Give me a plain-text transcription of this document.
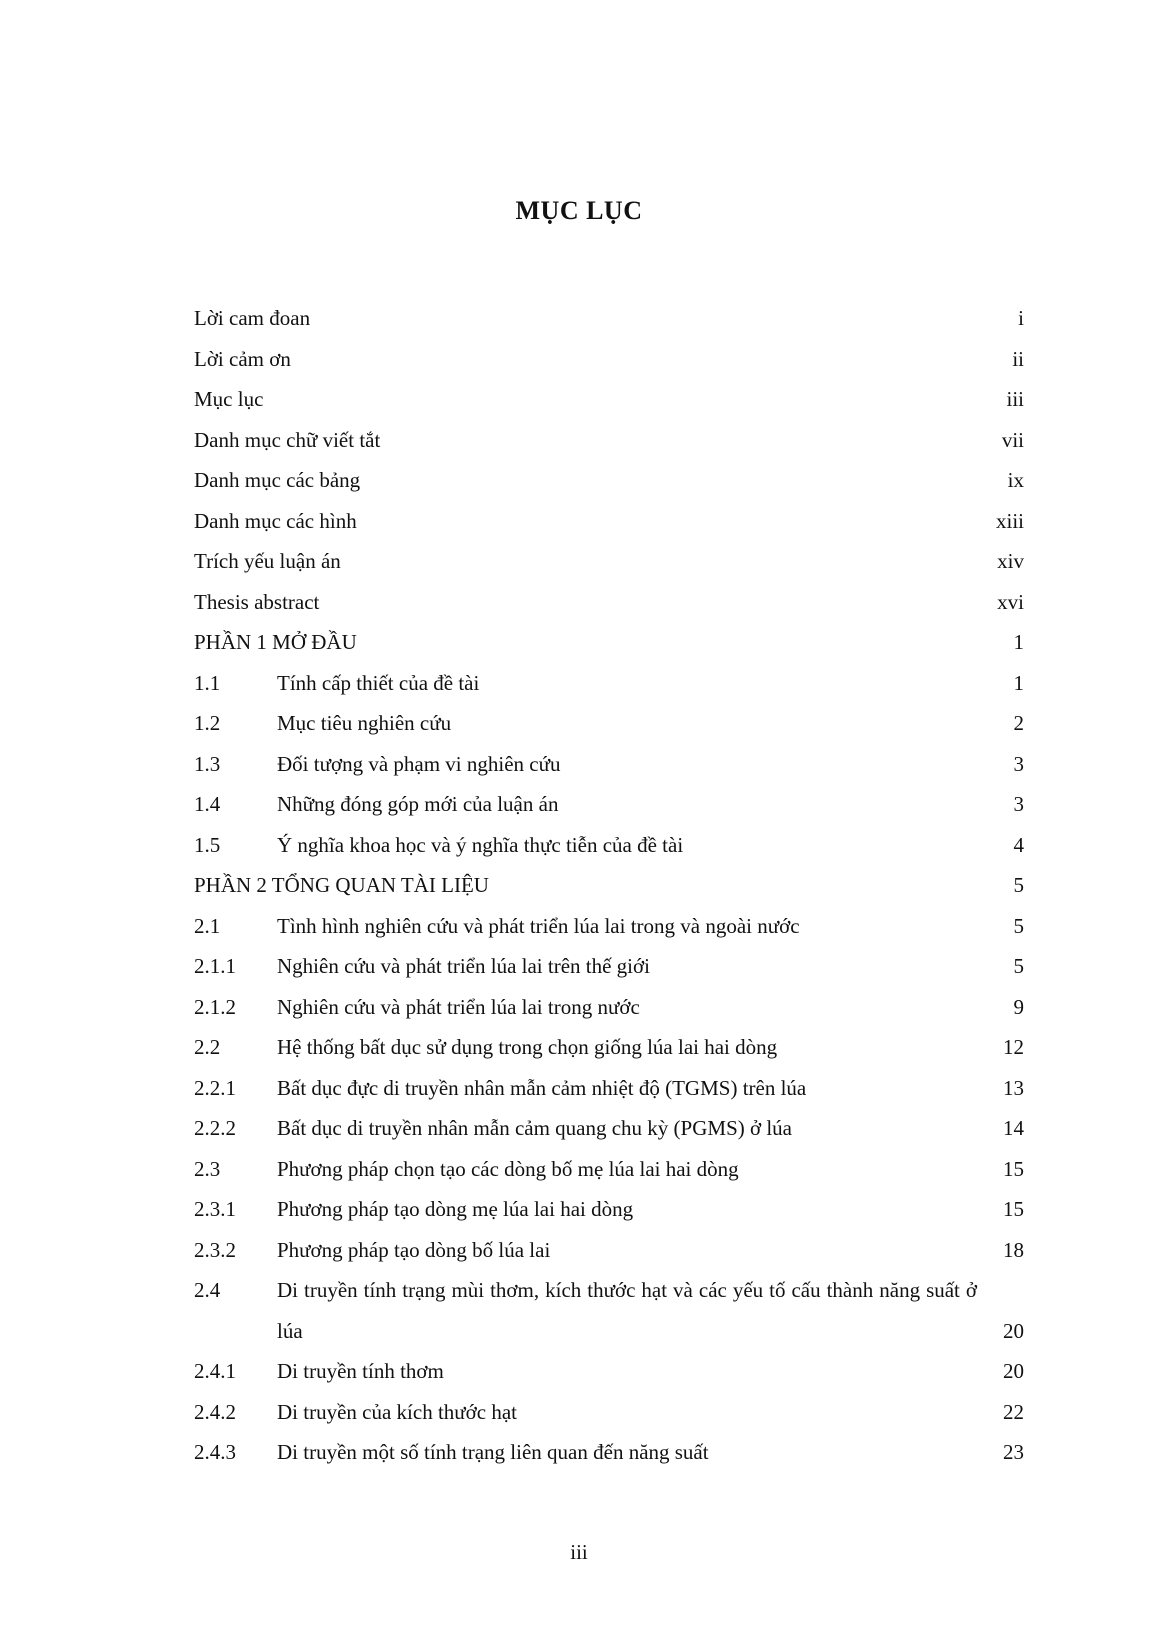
MỤC LỤC
Lời cam đoan	i
Lời cảm ơn	ii
Mục lục	iii
Danh mục chữ viết tắt	vii
Danh mục các bảng	ix
Danh mục các hình	xiii
Trích yếu luận án	xiv
Thesis abstract	xvi
PHẦN 1 MỞ ĐẦU	1
1.1	Tính cấp thiết của đề tài	1
1.2	Mục tiêu nghiên cứu	2
1.3	Đối tượng và phạm vi nghiên cứu	3
1.4	Những đóng góp mới của luận án	3
1.5	Ý nghĩa khoa học và ý nghĩa thực tiễn của đề tài	4
PHẦN 2 TỔNG QUAN TÀI LIỆU	5
2.1	Tình hình nghiên cứu và phát triển lúa lai trong và ngoài nước	5
2.1.1	Nghiên cứu và phát triển lúa lai trên thế giới	5
2.1.2	Nghiên cứu và phát triển lúa lai trong nước	9
2.2	Hệ thống bất dục sử dụng trong chọn giống lúa lai hai dòng	12
2.2.1	Bất dục đực di truyền nhân mẫn cảm nhiệt độ (TGMS) trên lúa	13
2.2.2	Bất dục di truyền nhân mẫn cảm quang chu kỳ (PGMS) ở lúa	14
2.3	Phương pháp chọn tạo các dòng bố mẹ lúa lai hai dòng	15
2.3.1	Phương pháp tạo dòng mẹ lúa lai hai dòng	15
2.3.2	Phương pháp tạo dòng bố lúa lai	18
2.4	Di truyền tính trạng mùi thơm, kích thước hạt và các yếu tố cấu thành năng suất ở lúa	20
2.4.1	Di truyền tính thơm	20
2.4.2	Di truyền của kích thước hạt	22
2.4.3	Di truyền một số tính trạng liên quan đến năng suất	23
iii
